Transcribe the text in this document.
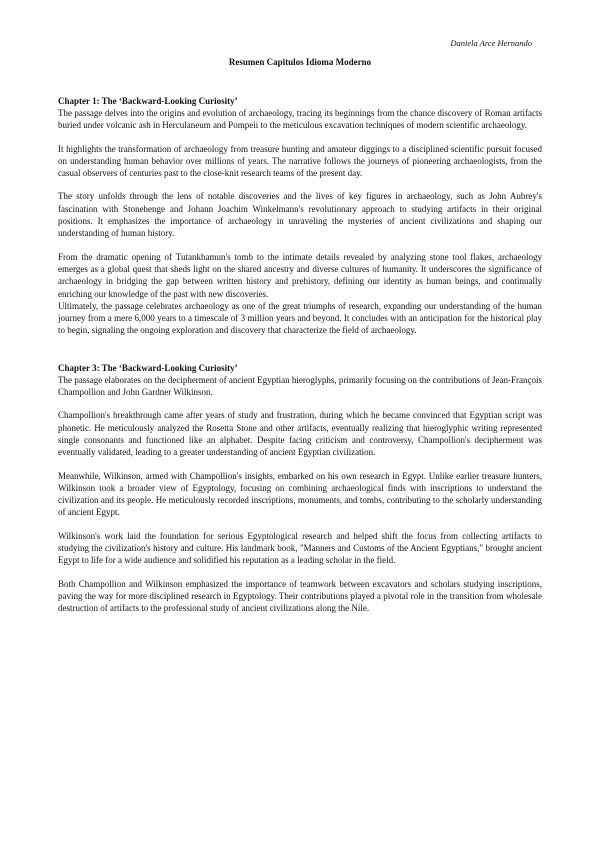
Daniela Arce Hernando
Resumen Capitulos Idioma Moderno
Chapter 1: The ‘Backward-Looking Curiosity’

The passage delves into the origins and evolution of archaeology, tracing its beginnings from the chance discovery of Roman artifacts buried under volcanic ash in Herculaneum and Pompeii to the meticulous excavation techniques of modern scientific archaeology.

It highlights the transformation of archaeology from treasure hunting and amateur diggings to a disciplined scientific pursuit focused on understanding human behavior over millions of years. The narrative follows the journeys of pioneering archaeologists, from the casual observers of centuries past to the close-knit research teams of the present day.

The story unfolds through the lens of notable discoveries and the lives of key figures in archaeology, such as John Aubrey's fascination with Stonehenge and Johann Joachim Winkelmann's revolutionary approach to studying artifacts in their original positions. It emphasizes the importance of archaeology in unraveling the mysteries of ancient civilizations and shaping our understanding of human history.

From the dramatic opening of Tutankhamun's tomb to the intimate details revealed by analyzing stone tool flakes, archaeology emerges as a global quest that sheds light on the shared ancestry and diverse cultures of humanity. It underscores the significance of archaeology in bridging the gap between written history and prehistory, defining our identity as human beings, and continually enriching our knowledge of the past with new discoveries.

Ultimately, the passage celebrates archaeology as one of the great triumphs of research, expanding our understanding of the human journey from a mere 6,000 years to a timescale of 3 million years and beyond. It concludes with an anticipation for the historical play to begin, signaling the ongoing exploration and discovery that characterize the field of archaeology.

Chapter 3: The ‘Backward-Looking Curiosity’

The passage elaborates on the decipherment of ancient Egyptian hieroglyphs, primarily focusing on the contributions of Jean-François Champollion and John Gardner Wilkinson.

Champollion's breakthrough came after years of study and frustration, during which he became convinced that Egyptian script was phonetic. He meticulously analyzed the Rosetta Stone and other artifacts, eventually realizing that hieroglyphic writing represented single consonants and functioned like an alphabet. Despite facing criticism and controversy, Champollion's decipherment was eventually validated, leading to a greater understanding of ancient Egyptian civilization.

Meanwhile, Wilkinson, armed with Champollion's insights, embarked on his own research in Egypt. Unlike earlier treasure hunters, Wilkinson took a broader view of Egyptology, focusing on combining archaeological finds with inscriptions to understand the civilization and its people. He meticulously recorded inscriptions, monuments, and tombs, contributing to the scholarly understanding of ancient Egypt.

Wilkinson's work laid the foundation for serious Egyptological research and helped shift the focus from collecting artifacts to studying the civilization's history and culture. His landmark book, "Manners and Customs of the Ancient Egyptians," brought ancient Egypt to life for a wide audience and solidified his reputation as a leading scholar in the field.

Both Champollion and Wilkinson emphasized the importance of teamwork between excavators and scholars studying inscriptions, paving the way for more disciplined research in Egyptology. Their contributions played a pivotal role in the transition from wholesale destruction of artifacts to the professional study of ancient civilizations along the Nile.
